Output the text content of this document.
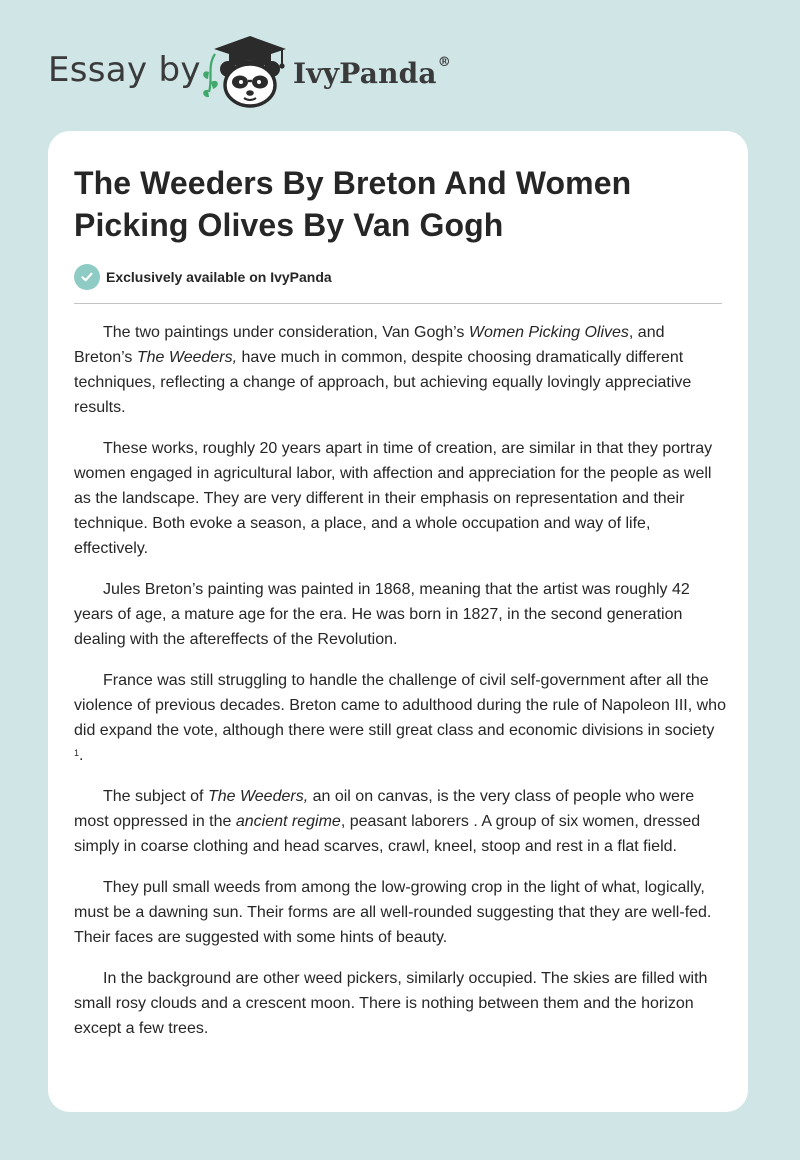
Essay by	IvyPanda®
The Weeders By Breton And Women Picking Olives By Van Gogh
Exclusively available on IvyPanda

The two paintings under consideration, Van Gogh’s Women Picking Olives, and Breton’s The Weeders, have much in common, despite choosing dramatically different techniques, reflecting a change of approach, but achieving equally lovingly appreciative results.

These works, roughly 20 years apart in time of creation, are similar in that they portray women engaged in agricultural labor, with affection and appreciation for the people as well as the landscape. They are very different in their emphasis on representation and their technique. Both evoke a season, a place, and a whole occupation and way of life, effectively.

Jules Breton’s painting was painted in 1868, meaning that the artist was roughly 42 years of age, a mature age for the era. He was born in 1827, in the second generation dealing with the aftereffects of the Revolution.

France was still struggling to handle the challenge of civil self-government after all the violence of previous decades. Breton came to adulthood during the rule of Napoleon III, who did expand the vote, although there were still great class and economic divisions in society $^1$.

The subject of The Weeders, an oil on canvas, is the very class of people who were most oppressed in the ancient regime, peasant laborers . A group of six women, dressed simply in coarse clothing and head scarves, crawl, kneel, stoop and rest in a flat field.

They pull small weeds from among the low-growing crop in the light of what, logically, must be a dawning sun. Their forms are all well-rounded suggesting that they are well-fed. Their faces are suggested with some hints of beauty.

In the background are other weed pickers, similarly occupied. The skies are filled with small rosy clouds and a crescent moon. There is nothing between them and the horizon except a few trees.
